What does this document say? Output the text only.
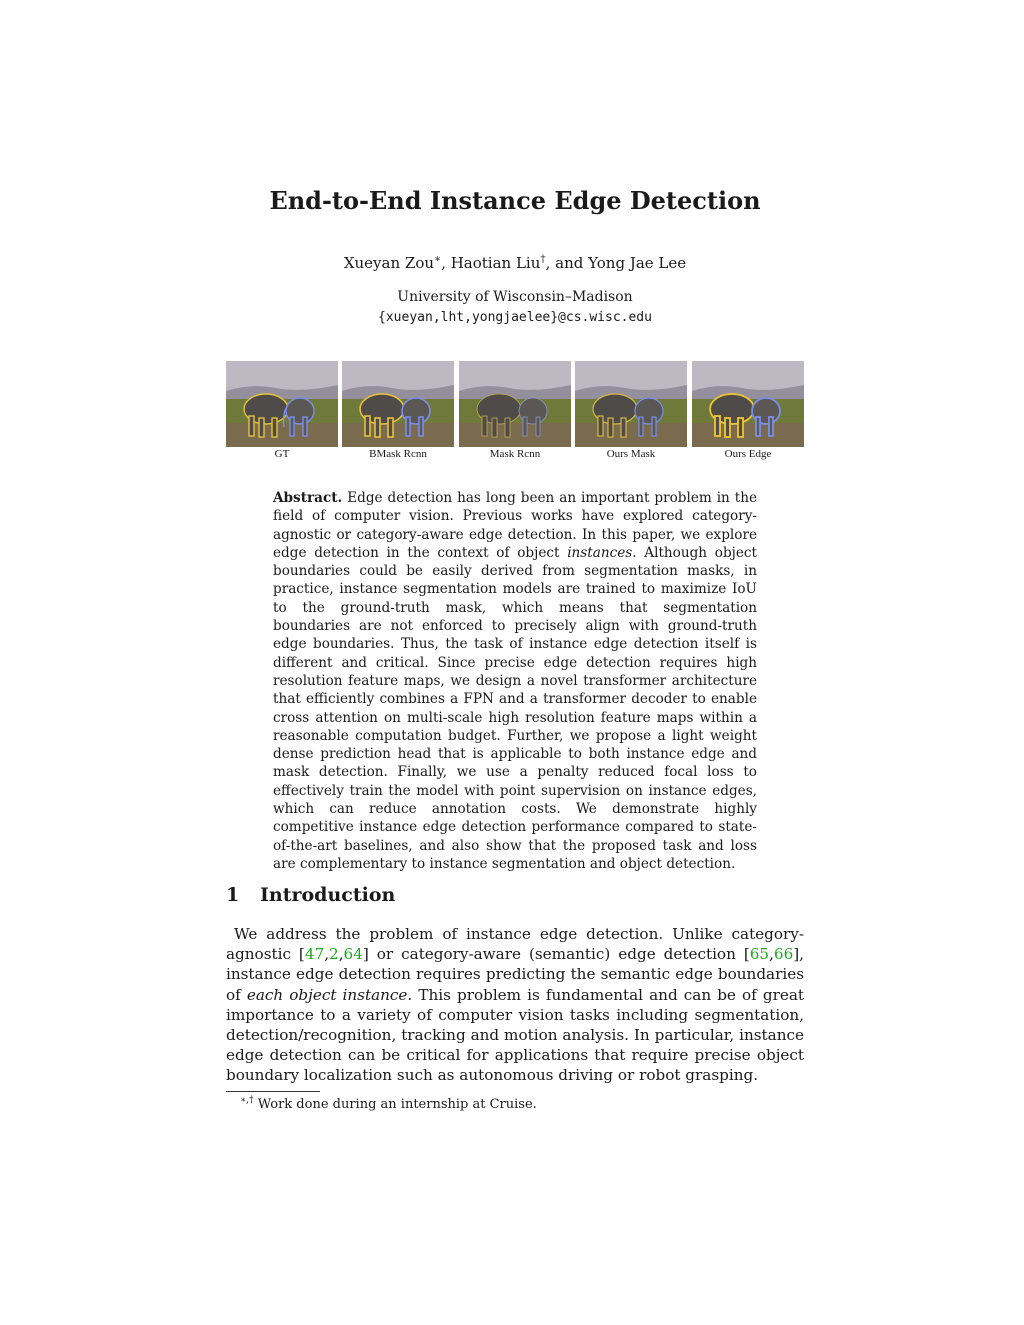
End-to-End Instance Edge Detection
Xueyan Zou∗, Haotian Liu†, and Yong Jae Lee
University of Wisconsin–Madison
{xueyan,lht,yongjaelee}@cs.wisc.edu
GT	BMask Rcnn	Mask Rcnn	Ours Mask	Ours Edge
Abstract. Edge detection has long been an important problem in the field of computer vision. Previous works have explored category-agnostic or category-aware edge detection. In this paper, we explore edge detection in the context of object instances. Although object boundaries could be easily derived from segmentation masks, in practice, instance segmentation models are trained to maximize IoU to the ground-truth mask, which means that segmentation boundaries are not enforced to precisely align with ground-truth edge boundaries. Thus, the task of instance edge detection itself is different and critical. Since precise edge detection requires high resolution feature maps, we design a novel transformer architecture that efficiently combines a FPN and a transformer decoder to enable cross attention on multi-scale high resolution feature maps within a reasonable computation budget. Further, we propose a light weight dense prediction head that is applicable to both instance edge and mask detection. Finally, we use a penalty reduced focal loss to effectively train the model with point supervision on instance edges, which can reduce annotation costs. We demonstrate highly competitive instance edge detection performance compared to state-of-the-art baselines, and also show that the proposed task and loss are complementary to instance segmentation and object detection.
1 Introduction
We address the problem of instance edge detection. Unlike category-agnostic [47,2,64] or category-aware (semantic) edge detection [65,66], instance edge detection requires predicting the semantic edge boundaries of each object instance. This problem is fundamental and can be of great importance to a variety of computer vision tasks including segmentation, detection/recognition, tracking and motion analysis. In particular, instance edge detection can be critical for applications that require precise object boundary localization such as autonomous driving or robot grasping.
∗,† Work done during an internship at Cruise.
